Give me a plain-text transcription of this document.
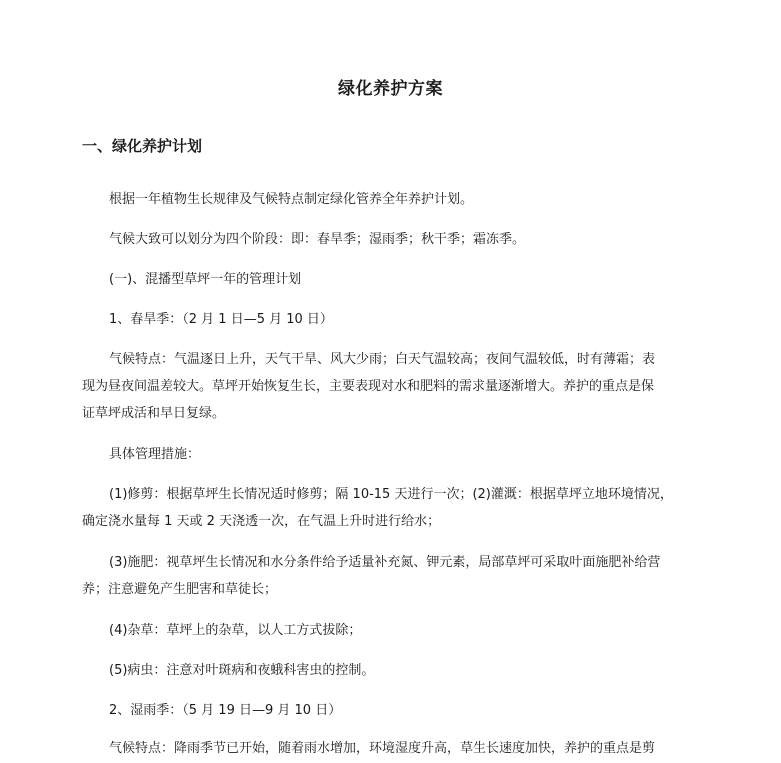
绿化养护方案
一、绿化养护计划

根据一年植物生长规律及气候特点制定绿化管养全年养护计划。

气候大致可以划分为四个阶段：即：春旱季；湿雨季；秋干季；霜冻季。

(一)、混播型草坪一年的管理计划

1、春旱季：（2 月 1 日—5 月 10 日）

气候特点：气温逐日上升，天气干旱、风大少雨；白天气温较高；夜间气温较低，时有薄霜；表
现为昼夜间温差较大。草坪开始恢复生长，主要表现对水和肥料的需求量逐渐增大。养护的重点是保
证草坪成活和早日复绿。

具体管理措施：

(1)修剪：根据草坪生长情况适时修剪；隔 10-15 天进行一次；(2)灌溉：根据草坪立地环境情况，
确定浇水量每 1 天或 2 天浇透一次，在气温上升时进行给水；

(3)施肥：视草坪生长情况和水分条件给予适量补充氮、钾元素，局部草坪可采取叶面施肥补给营
养；注意避免产生肥害和草徒长；

(4)杂草：草坪上的杂草，以人工方式拔除；

(5)病虫：注意对叶斑病和夜蛾科害虫的控制。

2、湿雨季：（5 月 19 日—9 月 10 日）

气候特点：降雨季节已开始，随着雨水增加，环境湿度升高，草生长速度加快，养护的重点是剪
